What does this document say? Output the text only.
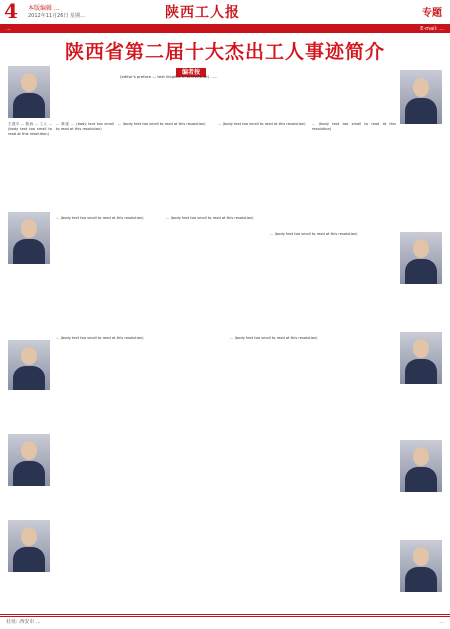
4 本版编辑 ...
2012年11月26日 星期...	陕西工人报	专题
...	E-mail: ...
陕西省第二届十大杰出工人事迹简介
编者按
(editor's preface — text illegible in screenshot) ......
王建平 ... 陕西 ... 工人 ... (body text too small to read at this resolution)
... 事迹 ... (body text too small to read at this resolution)
... (body text too small to read at this resolution)	... (body text too small to read at this resolution)	... (body text too small to read at this resolution)
... (body text too small to read at this resolution)	... (body text too small to read at this resolution)
... (body text too small to read at this resolution)
... (body text too small to read at this resolution)	... (body text too small to read at this resolution)
社址: 西安市 ...	...
